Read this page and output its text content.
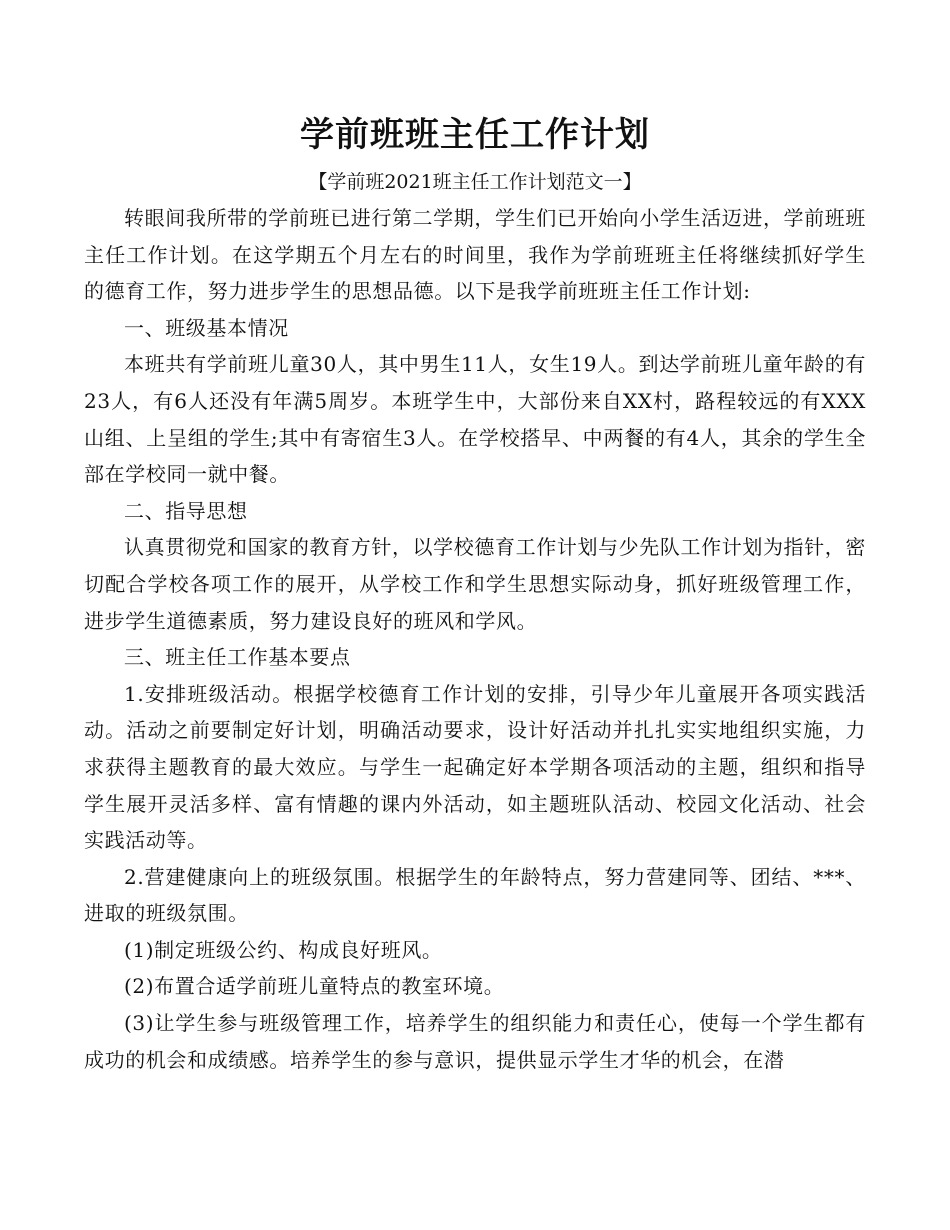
学前班班主任工作计划

【学前班2021班主任工作计划范文一】

转眼间我所带的学前班已进行第二学期，学生们已开始向小学生活迈进，学前班班主任工作计划。在这学期五个月左右的时间里，我作为学前班班主任将继续抓好学生的德育工作，努力进步学生的思想品德。以下是我学前班班主任工作计划:

一、班级基本情况

本班共有学前班儿童30人，其中男生11人，女生19人。到达学前班儿童年龄的有23人，有6人还没有年满5周岁。本班学生中，大部份来自XX村，路程较远的有XXX山组、上呈组的学生;其中有寄宿生3人。在学校搭早、中两餐的有4人，其余的学生全部在学校同一就中餐。

二、指导思想

认真贯彻党和国家的教育方针，以学校德育工作计划与少先队工作计划为指针，密切配合学校各项工作的展开，从学校工作和学生思想实际动身，抓好班级管理工作，进步学生道德素质，努力建设良好的班风和学风。

三、班主任工作基本要点

1.安排班级活动。根据学校德育工作计划的安排，引导少年儿童展开各项实践活动。活动之前要制定好计划，明确活动要求，设计好活动并扎扎实实地组织实施，力求获得主题教育的最大效应。与学生一起确定好本学期各项活动的主题，组织和指导学生展开灵活多样、富有情趣的课内外活动，如主题班队活动、校园文化活动、社会实践活动等。

2.营建健康向上的班级氛围。根据学生的年龄特点，努力营建同等、团结、***、进取的班级氛围。

(1)制定班级公约、构成良好班风。

(2)布置合适学前班儿童特点的教室环境。

(3)让学生参与班级管理工作，培养学生的组织能力和责任心，使每一个学生都有成功的机会和成绩感。培养学生的参与意识，提供显示学生才华的机会，在潜
